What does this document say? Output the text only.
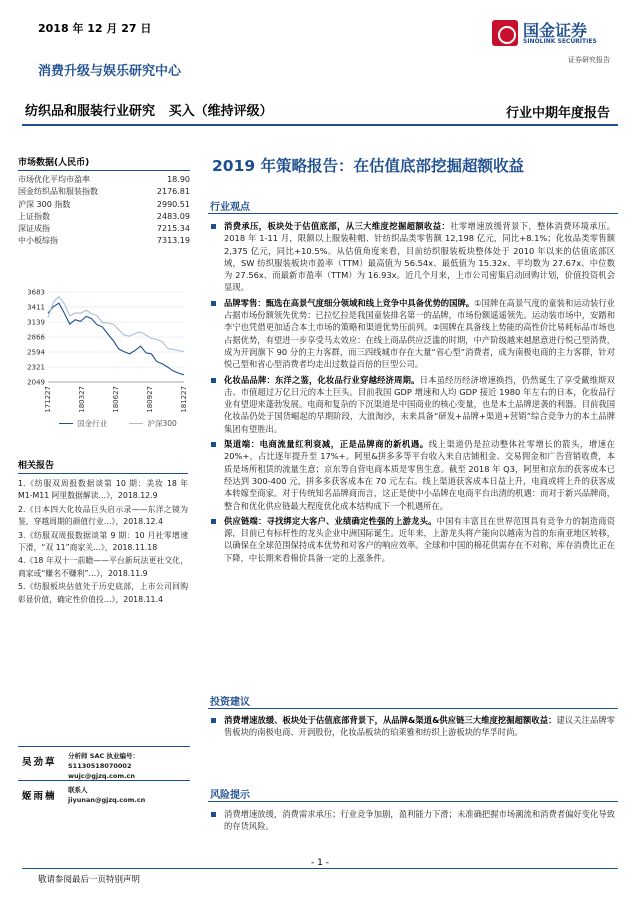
2018 年 12 月 27 日	国金证券
SINOLINK SECURITIES
证券研究报告
消费升级与娱乐研究中心
纺织品和服装行业研究   买入（维持评级）	行业中期年度报告
市场数据(人民币)
市场优化平均市盈率	18.90
国金纺织品和服装指数	2176.81
沪深 300 指数	2990.51
上证指数	2483.09
深证成指	7215.34
中小板综指	7313.19
3683
3411
3139
2866
2594
2321
2049
171227	180327	180627	180927	181227
国金行业	沪深300
相关报告
1.《纺服双周报数据谈第 10 期：美妆 18 年 M1-M11 阿里数据解读…》，2018.12.9
2.《日本四大化妆品巨头启示录——东洋之镜为鉴，穿越周期的颜值行业…》，2018.12.4
3.《纺服双周报数据谈第 9 期：10 月社零增速下滑，“双 11”商家关…》，2018.11.18
4.《18 年双十一前瞻——平台新玩法更社交化，商家或“赚名不赚利”…》，2018.11.9
5.《纺服板块估值处于历史底部，上市公司回购彰显价值，确定性价值投…》，2018.11.4
吴劲草
分析师 SAC 执业编号：S1130518070002
wujc@gjzq.com.cn
姬雨楠
联系人
jiyunan@gjzq.com.cn
2019 年策略报告：在估值底部挖掘超额收益
行业观点
消费承压，板块处于估值底部，从三大维度挖掘超额收益：社零增速放缓背景下，整体消费环境承压。2018 年 1-11 月，限额以上服装鞋帽、针纺织品类零售额 12,198 亿元，同比+8.1%；化妆品类零售额 2,375 亿元，同比+10.5%。从估值角度来看，目前纺织服装板块整体处于 2010 年以来的估值底部区域，SW 纺织服装板块市盈率（TTM）最高值为 56.54x、最低值为 15.32x、平均数为 27.67x、中位数为 27.56x、而最新市盈率（TTM）为 16.93x。近几个月来，上市公司密集启动回购计划，价值投资机会显现。
品牌零售：甄选在高景气度细分领域和线上竞争中具备优势的国牌。①国牌在高景气度的童装和运动装行业占据市场份额领先优势：已拉忆拉是我国童装排名第一的品牌，市场份额遥遥领先。运动装市场中，安踏和李宁也凭借更加适合本土市场的策略和渠道优势压前列。②国牌在具备线上势能的高性价比易耗标品市场也占据优势，有望进一步享受马太效应：在线上商品供应泛滥的时期，中产阶级越来越愿意进行悦己型消费，成为开润旗下 90 分的主力客群，而三四线城市存在大量“省心型”消费者，成为南极电商的主力客群，针对悦己型和省心型消费者均走出过数益百倍的巨型公司。
化妆品品牌：东洋之鉴，化妆品行业穿越经济周期。日本虽经历经济增速换挡，仍然诞生了享受戴维斯双击、市值超过万亿日元的本土巨头。目前我国 GDP 增速和人均 GDP 接近 1980 年左右的日本，化妆品行业有望迎来蓬勃发展。电商和复杂的下沉渠道是中国商业的核心变量，也是本土品牌逆袭的利器。目前我国化妆品仍处于国货崛起的早期阶段，大浪淘沙，未来具备“研发+品牌+渠道+营销”综合竞争力的本土品牌集团有望胜出。
渠道端：电商流量红利衰减，正是品牌商的新机遇。线上渠道仍是拉动整体社零增长的箭头，增速在 20%+，占比逐年提升至 17%+。阿里&拼多多等平台收入来自店铺租金、交易佣金和广告营销收费，本质是场所租赁的流量生意；京东等自营电商本质是零售生意。截至 2018 年 Q3，阿里和京东的获客成本已经达到 300-400 元，拼多多获客成本在 70 元左右。线上渠道获客成本日益上升，电商或将上升的获客成本转嫁至商家。对于传统知名品牌商而言，这正是使中小品牌在电商平台出清的机遇：而对于新兴品牌商，整合和优化供应链最大程度优化成本结构成下一个机遇所在。
供应链端：寻找绑定大客户、业绩确定性强的上游龙头。中国有丰富且在世界范围具有竞争力的制造商资源，目前已有标杆性的龙头企业中洲国际诞生。近年来，上游龙头将产能向以越南为首的东南亚地区转移，以确保在全球范围保持成本优势和对客户的响应效率。全球和中国的棉花供需存在不对称，库存消费比正在下降，中长期来看棉价具备一定的上涨条件。
投资建议
消费增速放缓、板块处于估值底部背景下，从品牌&渠道&供应链三大维度挖掘超额收益：建议关注品牌零售板块的南极电商、开润股份，化妆品板块的珀莱雅和纺织上游板块的华孚时尚。
风险提示
消费增速放缓，消费需求承压；行业竞争加剧，盈利能力下滑；未准确把握市场潮流和消费者偏好变化导致的存货风险。
- 1 -
敬请参阅最后一页特别声明
